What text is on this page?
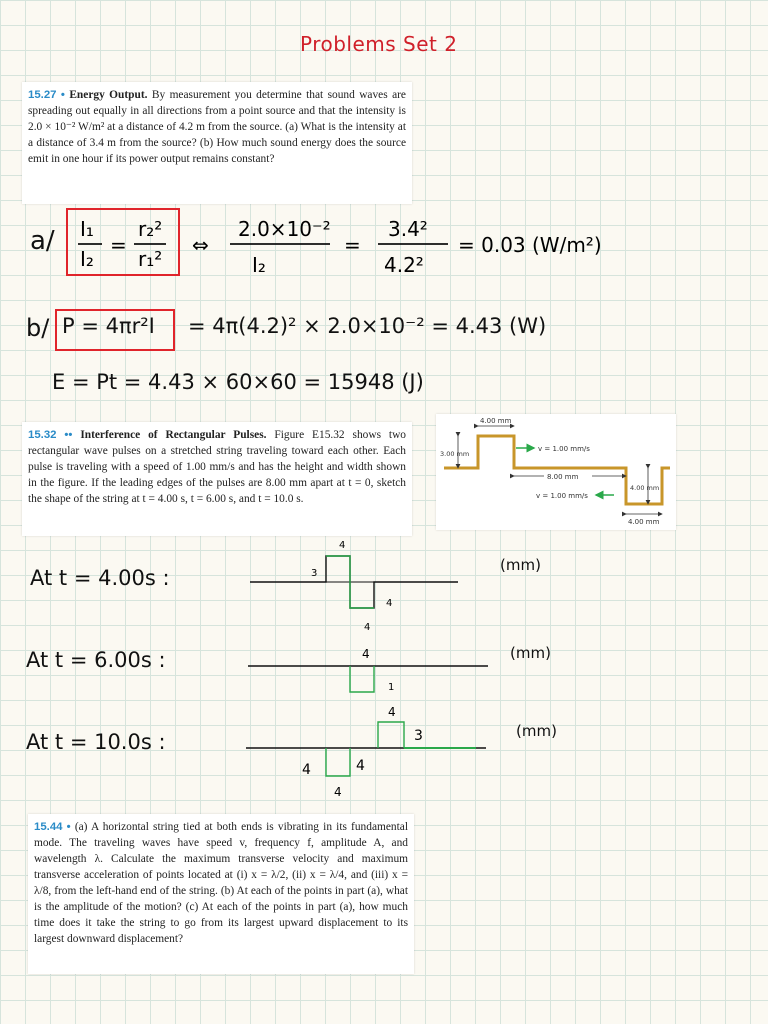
Problems Set 2

15.27 • Energy Output. By measurement you determine that sound waves are spreading out equally in all directions from a point source and that the intensity is 2.0 × 10⁻² W/m² at a distance of 4.2 m from the source. (a) What is the intensity at a distance of 3.4 m from the source? (b) How much sound energy does the source emit in one hour if its power output remains constant?

a/ I₁
I₂
=
r₂²
r₁²
⇔
2.0×10⁻²
I₂
=
3.4²
4.2²
= 0.03 (W/m²)
b/ P = 4πr²I = 4π(4.2)² × 2.0×10⁻² = 4.43 (W)
E = Pt = 4.43 × 60×60 = 15948 (J)

15.32 •• Interference of Rectangular Pulses. Figure E15.32 shows two rectangular wave pulses on a stretched string traveling toward each other. Each pulse is traveling with a speed of 1.00 mm/s and has the height and width shown in the figure. If the leading edges of the pulses are 8.00 mm apart at t = 0, sketch the shape of the string at t = 4.00 s, t = 6.00 s, and t = 10.0 s.

4.00 mm
3.00 mm
v = 1.00 mm/s
8.00 mm
v = 1.00 mm/s
4.00 mm
4.00 mm
At t = 4.00s :
(mm)
4
3
4
4
At t = 6.00s :	(mm)
4
1
At t = 10.0s :	(mm)
4
3
4	4
4

15.44 • (a) A horizontal string tied at both ends is vibrating in its fundamental mode. The traveling waves have speed v, frequency f, amplitude A, and wavelength λ. Calculate the maximum transverse velocity and maximum transverse acceleration of points located at (i) x = λ/2, (ii) x = λ/4, and (iii) x = λ/8, from the left-hand end of the string. (b) At each of the points in part (a), what is the amplitude of the motion? (c) At each of the points in part (a), how much time does it take the string to go from its largest upward displacement to its largest downward displacement?
